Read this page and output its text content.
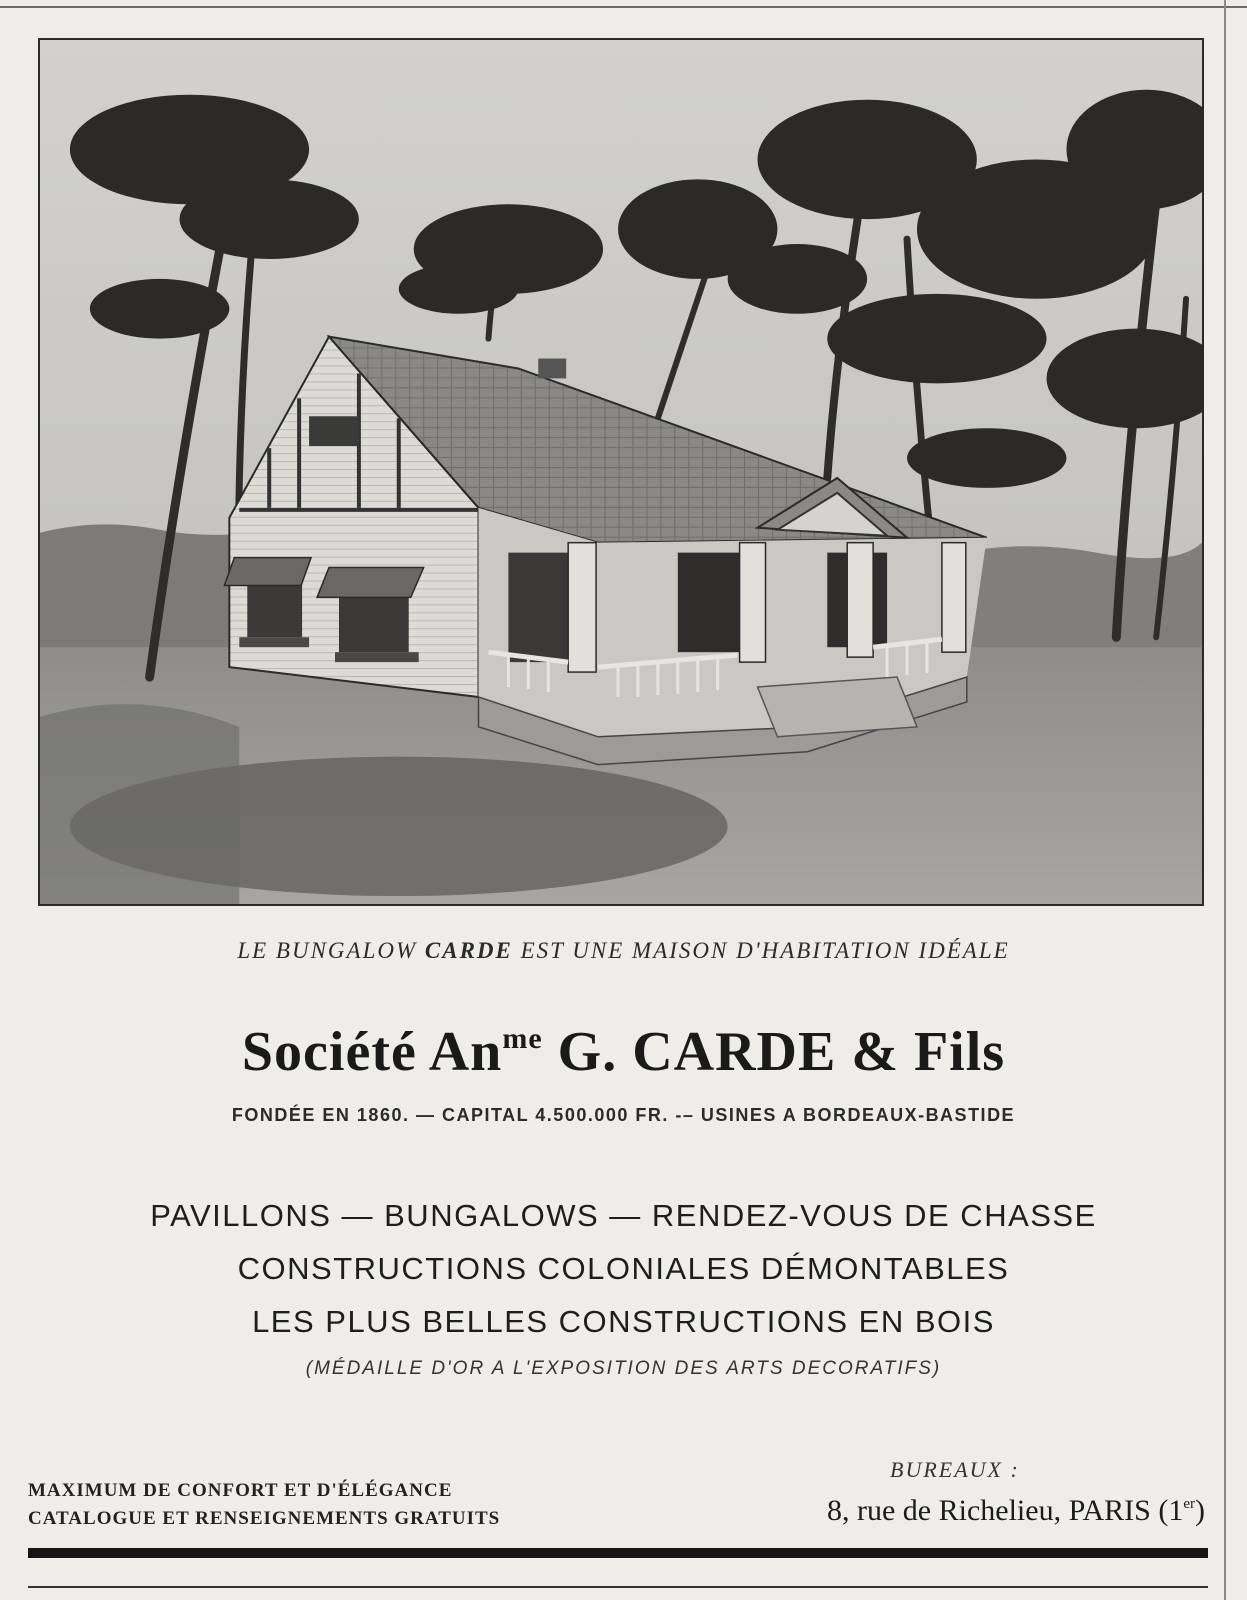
LE BUNGALOW CARDE EST UNE MAISON D'HABITATION IDÉALE
Société $An^{me}$ G. CARDE & Fils
FONDÉE EN 1860. — CAPITAL 4.500.000 FR. -– USINES A BORDEAUX-BASTIDE
PAVILLONS — BUNGALOWS — RENDEZ-VOUS DE CHASSE
CONSTRUCTIONS COLONIALES DÉMONTABLES
LES PLUS BELLES CONSTRUCTIONS EN BOIS
(MÉDAILLE D'OR A L'EXPOSITION DES ARTS DECORATIFS)
MAXIMUM DE CONFORT ET D'ÉLÉGANCE
CATALOGUE ET RENSEIGNEMENTS GRATUITS
BUREAUX :
8, rue de Richelieu, PARIS (1er)
